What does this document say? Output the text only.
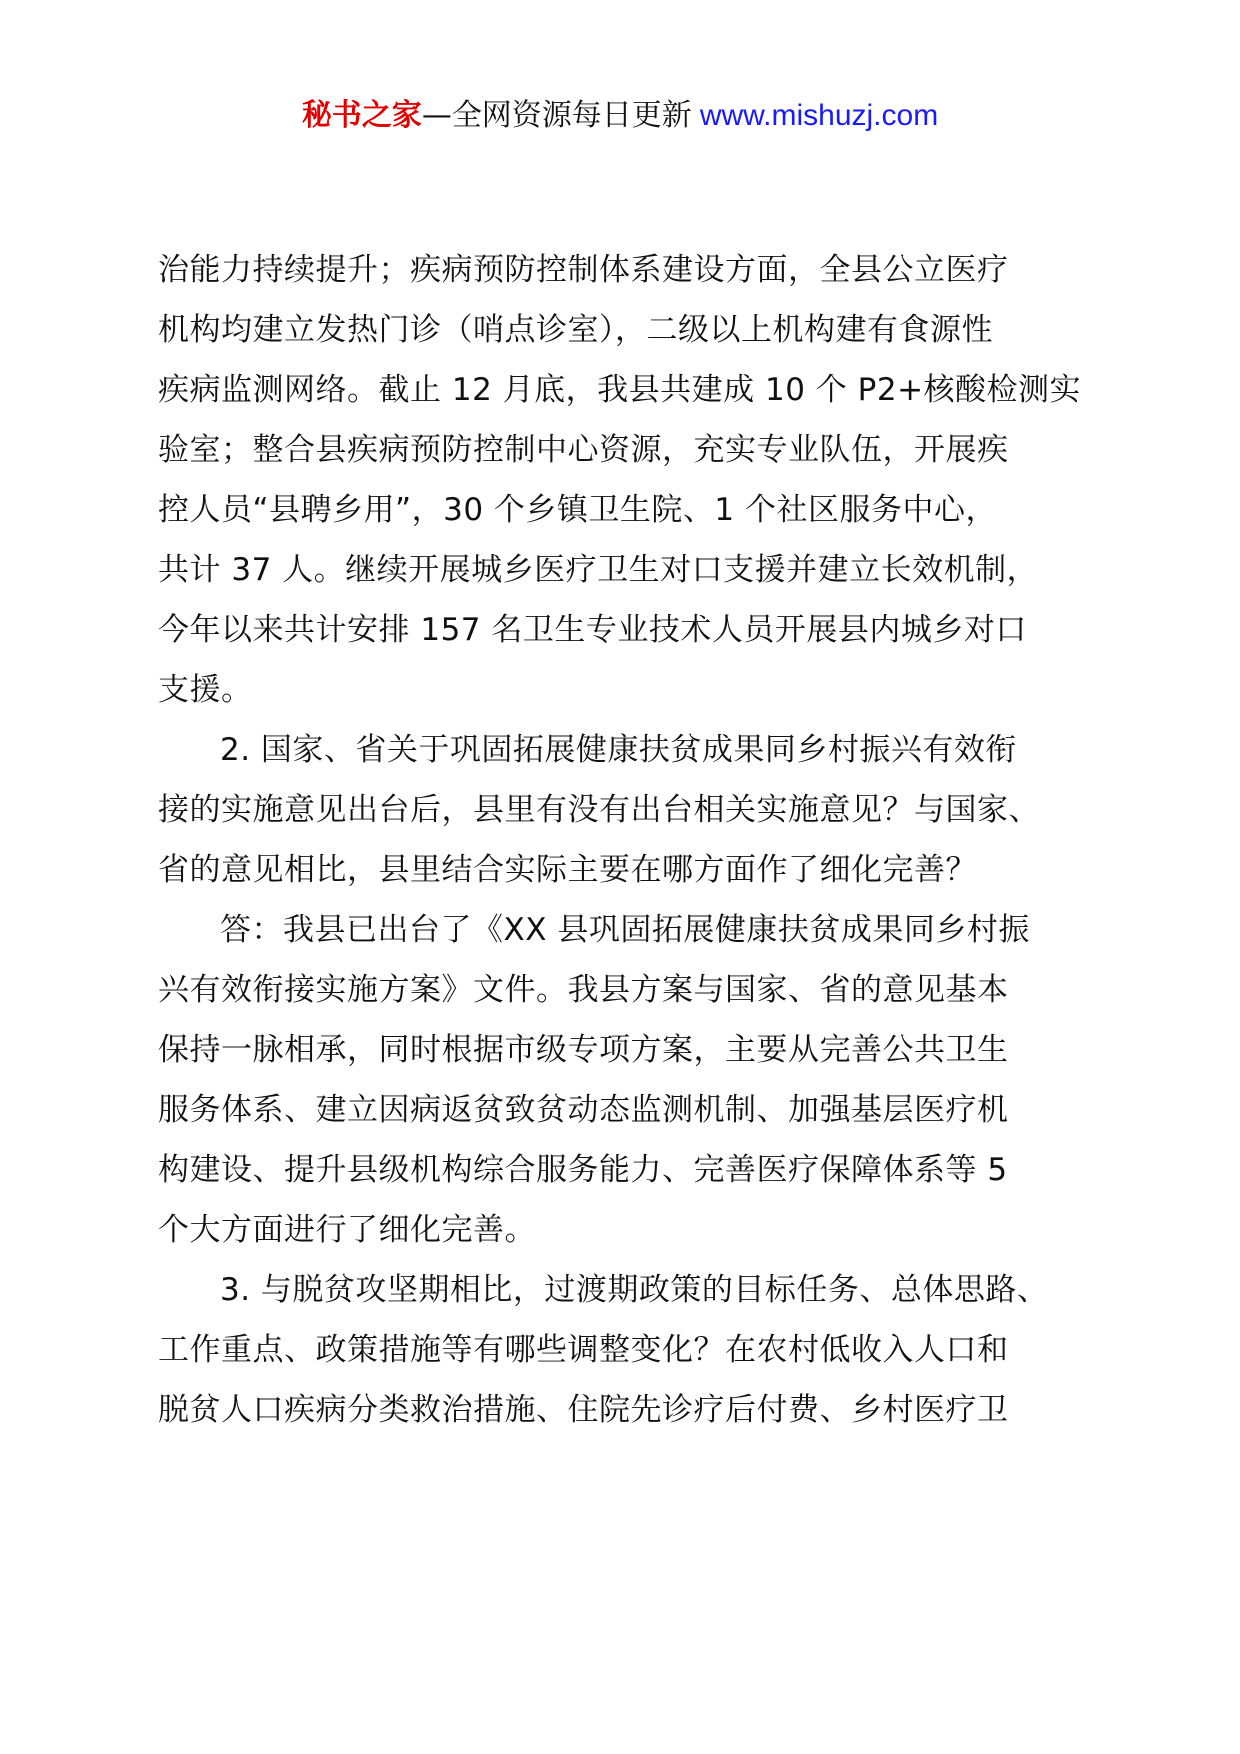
秘书之家—全网资源每日更新 www.mishuzj.com

治能力持续提升；疾病预防控制体系建设方面，全县公立医疗
机构均建立发热门诊（哨点诊室），二级以上机构建有食源性
疾病监测网络。截止 12 月底，我县共建成 10 个 P2+核酸检测实
验室；整合县疾病预防控制中心资源，充实专业队伍，开展疾
控人员“县聘乡用”，30 个乡镇卫生院、1 个社区服务中心，
共计 37 人。继续开展城乡医疗卫生对口支援并建立长效机制，
今年以来共计安排 157 名卫生专业技术人员开展县内城乡对口
支援。

2. 国家、省关于巩固拓展健康扶贫成果同乡村振兴有效衔
接的实施意见出台后，县里有没有出台相关实施意见？与国家、
省的意见相比，县里结合实际主要在哪方面作了细化完善？

答：我县已出台了《XX 县巩固拓展健康扶贫成果同乡村振
兴有效衔接实施方案》文件。我县方案与国家、省的意见基本
保持一脉相承，同时根据市级专项方案，主要从完善公共卫生
服务体系、建立因病返贫致贫动态监测机制、加强基层医疗机
构建设、提升县级机构综合服务能力、完善医疗保障体系等 5
个大方面进行了细化完善。

3. 与脱贫攻坚期相比，过渡期政策的目标任务、总体思路、
工作重点、政策措施等有哪些调整变化？在农村低收入人口和
脱贫人口疾病分类救治措施、住院先诊疗后付费、乡村医疗卫
